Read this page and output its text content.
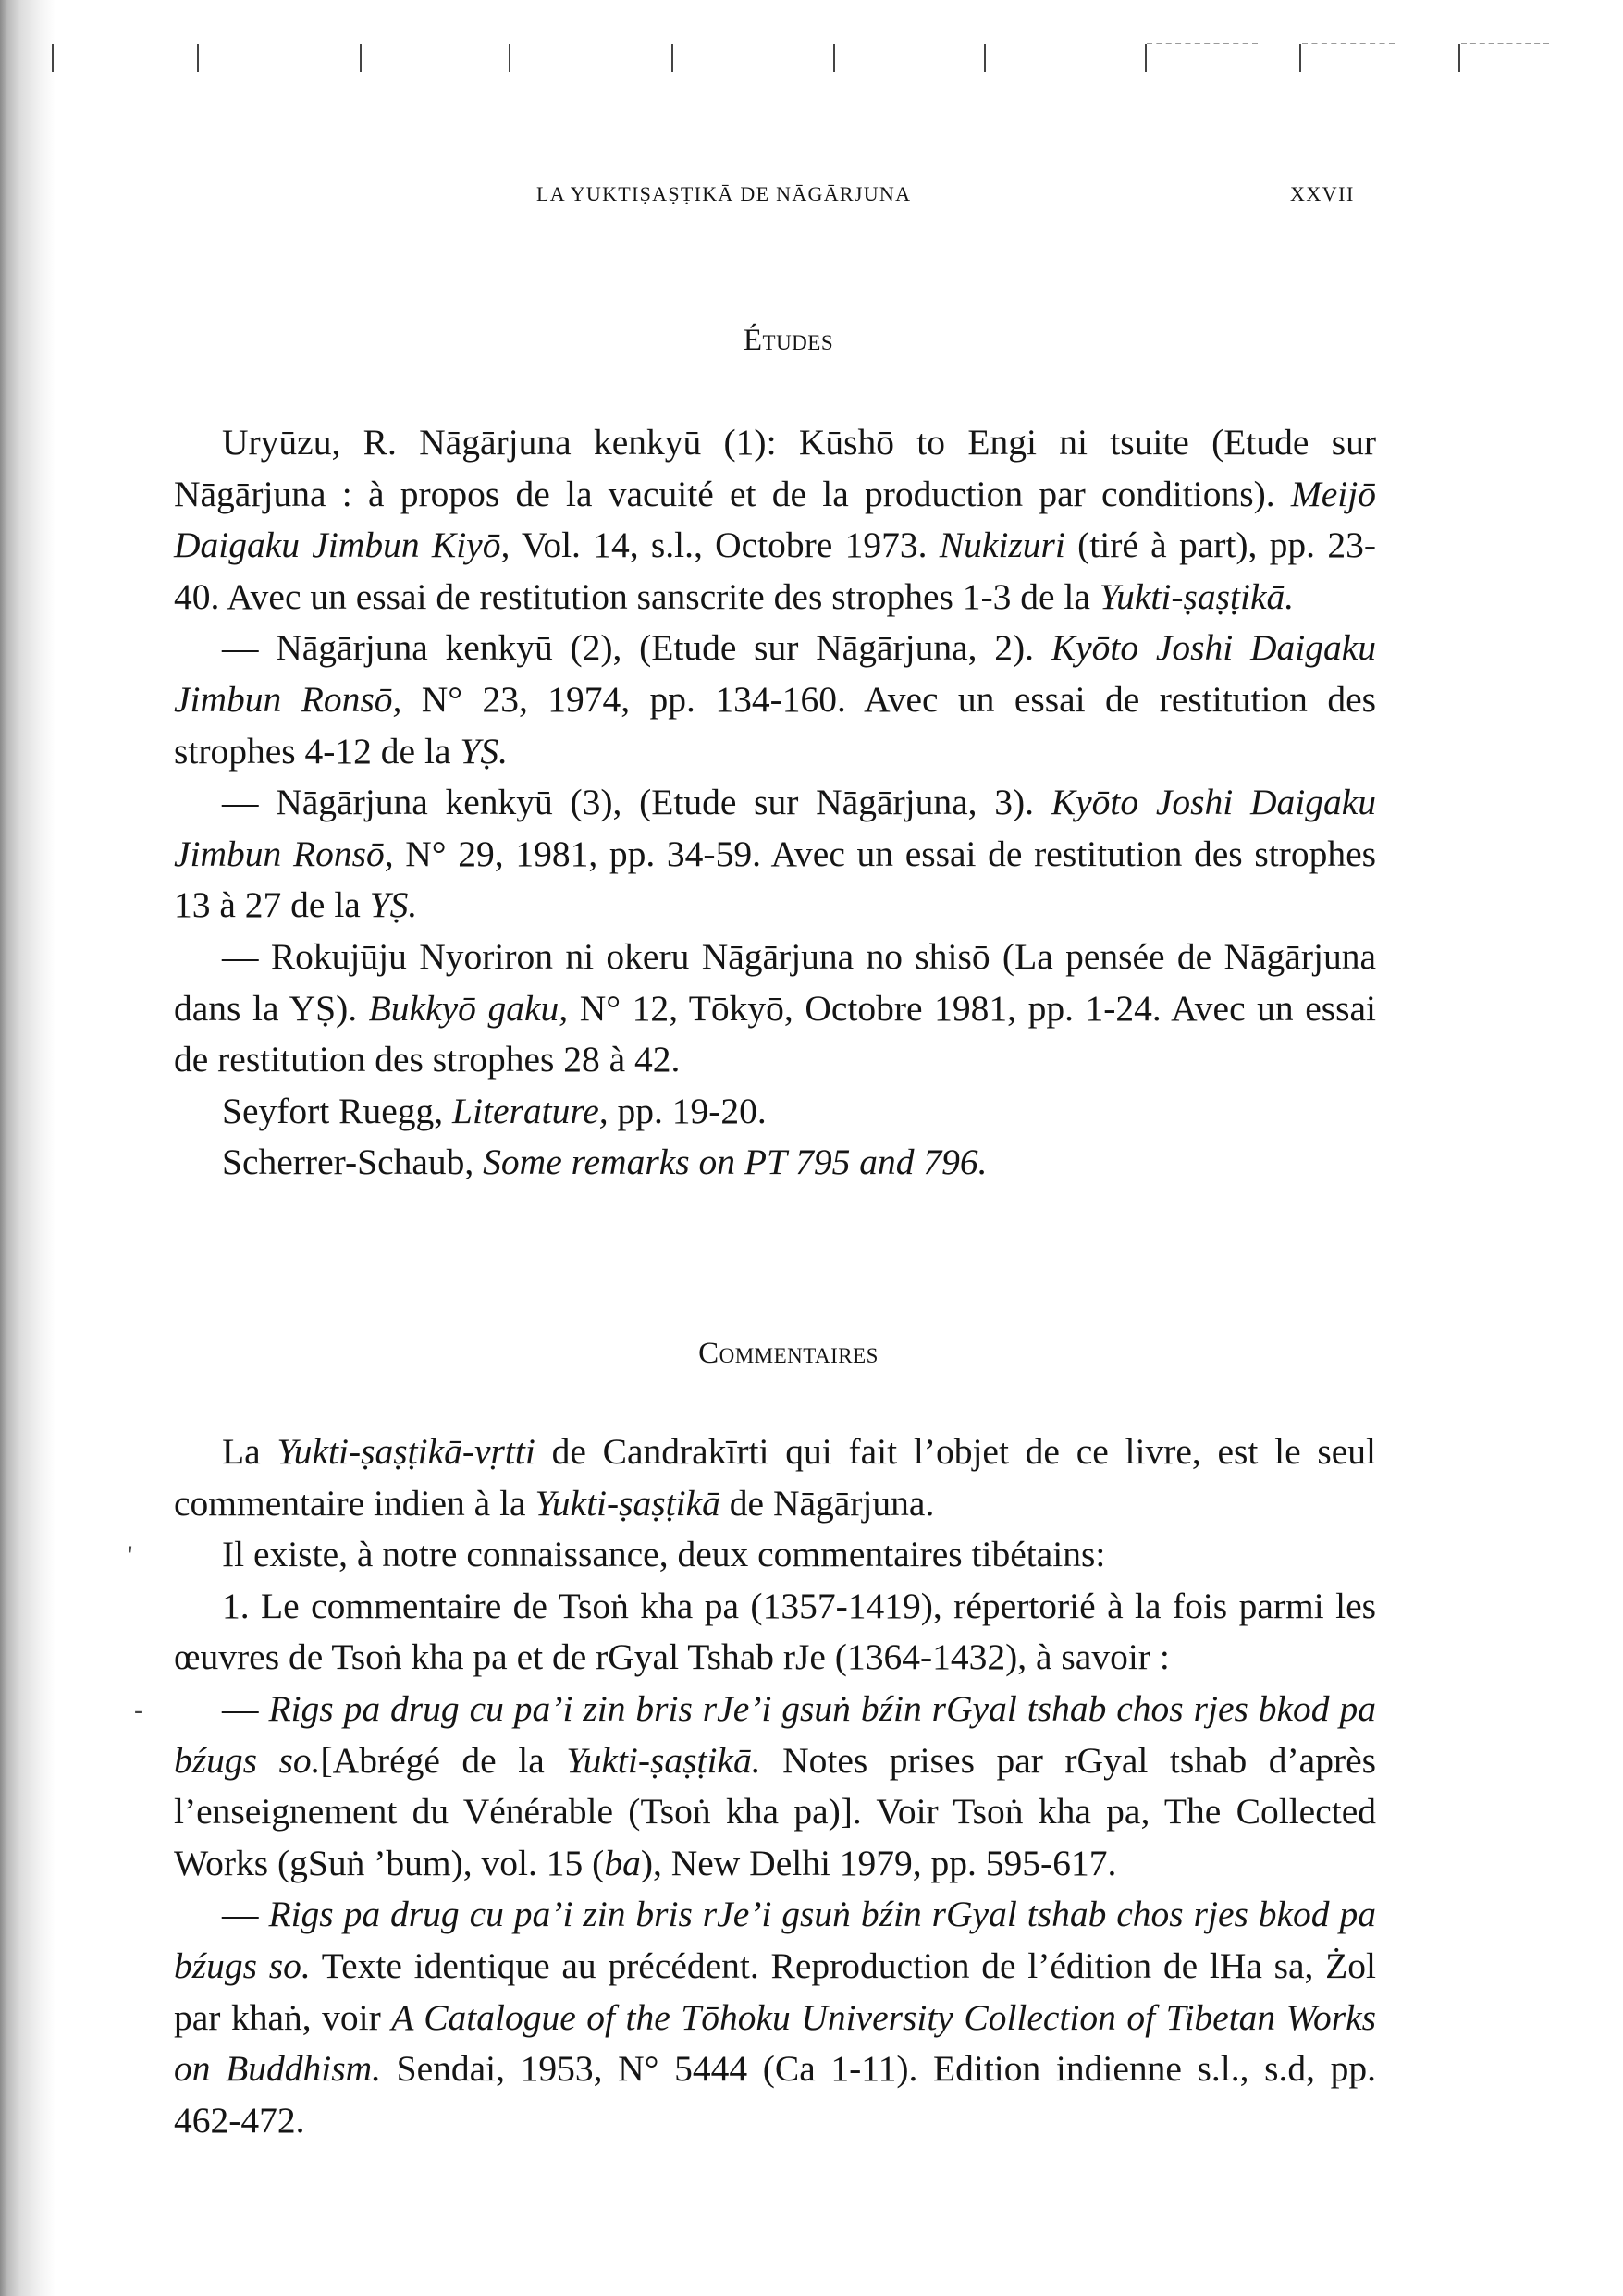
LA YUKTIṢAṢṬIKĀ DE NĀGĀRJUNA	XXVII
Études

Uryūzu, R. Nāgārjuna kenkyū (1): Kūshō to Engi ni tsuite (Etude sur Nāgārjuna : à propos de la vacuité et de la production par conditions). Meijō Daigaku Jimbun Kiyō, Vol. 14, s.l., Octobre 1973. Nukizuri (tiré à part), pp. 23-40. Avec un essai de restitution sanscrite des strophes 1-3 de la Yukti-ṣaṣṭikā.

— Nāgārjuna kenkyū (2), (Etude sur Nāgārjuna, 2). Kyōto Joshi Daigaku Jimbun Ronsō, N° 23, 1974, pp. 134-160. Avec un essai de restitution des strophes 4-12 de la YṢ.

— Nāgārjuna kenkyū (3), (Etude sur Nāgārjuna, 3). Kyōto Joshi Daigaku Jimbun Ronsō, N° 29, 1981, pp. 34-59. Avec un essai de restitution des strophes 13 à 27 de la YṢ.

— Rokujūju Nyoriron ni okeru Nāgārjuna no shisō (La pensée de Nāgārjuna dans la YṢ). Bukkyō gaku, N° 12, Tōkyō, Octobre 1981, pp. 1-24. Avec un essai de restitution des strophes 28 à 42.

Seyfort Ruegg, Literature, pp. 19-20.

Scherrer-Schaub, Some remarks on PT 795 and 796.

Commentaires

La Yukti-ṣaṣṭikā-vṛtti de Candrakīrti qui fait l’objet de ce livre, est le seul commentaire indien à la Yukti-ṣaṣṭikā de Nāgārjuna.

Il existe, à notre connaissance, deux commentaires tibétains:

1. Le commentaire de Tsoṅ kha pa (1357-1419), répertorié à la fois parmi les œuvres de Tsoṅ kha pa et de rGyal Tshab rJe (1364-1432), à savoir :

— Rigs pa drug cu pa’i zin bris rJe’i gsuṅ bźin rGyal tshab chos rjes bkod pa bźugs so.[Abrégé de la Yukti-ṣaṣṭikā. Notes prises par rGyal tshab d’après l’enseignement du Vénérable (Tsoṅ kha pa)]. Voir Tsoṅ kha pa, The Collected Works (gSuṅ ’bum), vol. 15 (ba), New Delhi 1979, pp. 595-617.

— Rigs pa drug cu pa’i zin bris rJe’i gsuṅ bźin rGyal tshab chos rjes bkod pa bźugs so. Texte identique au précédent. Reproduction de l’édition de lHa sa, Żol par khaṅ, voir A Catalogue of the Tōhoku University Collection of Tibetan Works on Buddhism. Sendai, 1953, N° 5444 (Ca 1-11). Edition indienne s.l., s.d, pp. 462-472.

'
-
